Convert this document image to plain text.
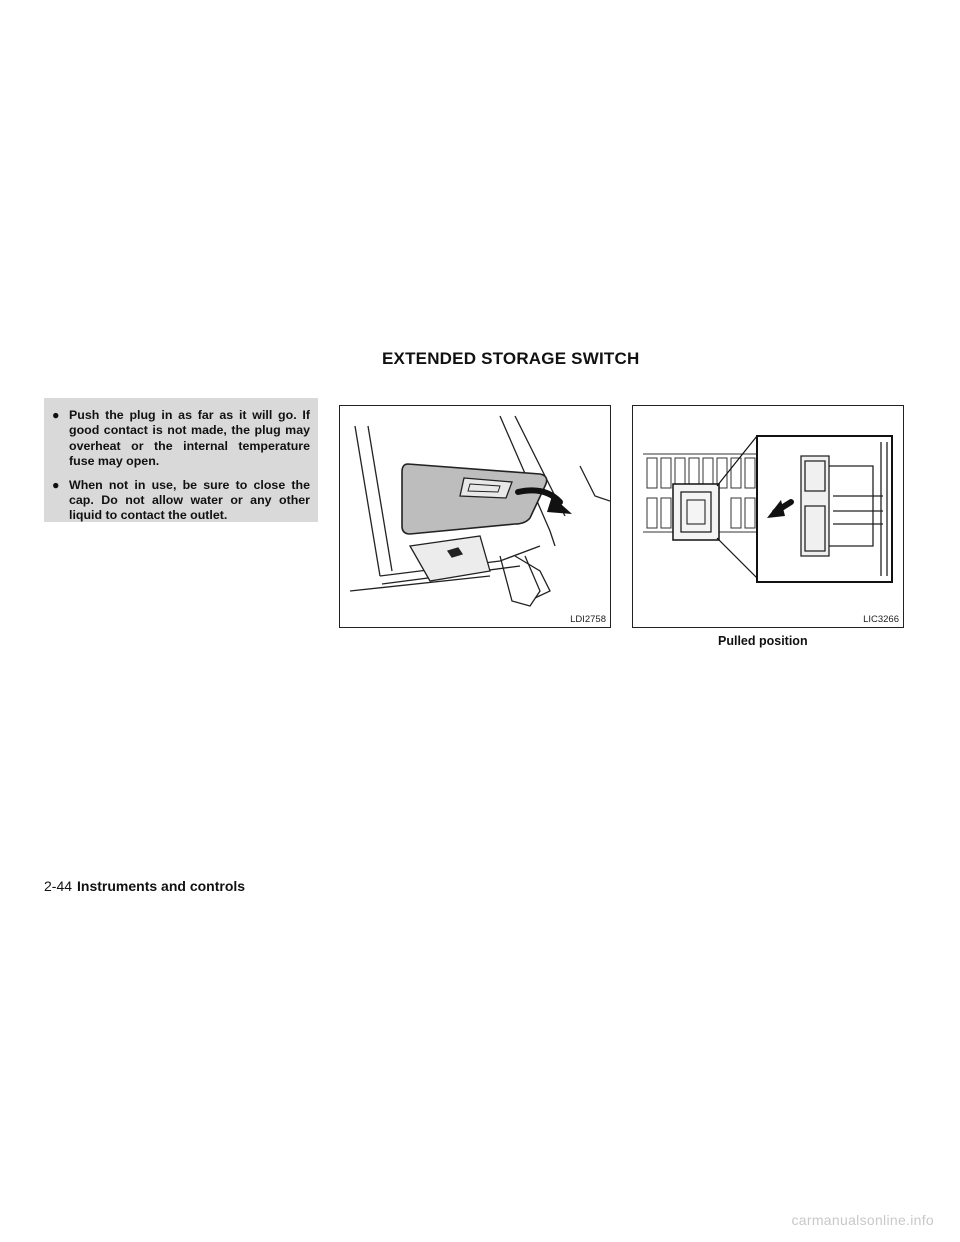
EXTENDED STORAGE SWITCH

● Push the plug in as far as it will go. If good contact is not made, the plug may overheat or the internal temperature fuse may open.

● When not in use, be sure to close the cap. Do not allow water or any other liquid to contact the outlet.

LDI2758	LIC3266
Pulled position
2-44 Instruments and controls
carmanualsonline.info
